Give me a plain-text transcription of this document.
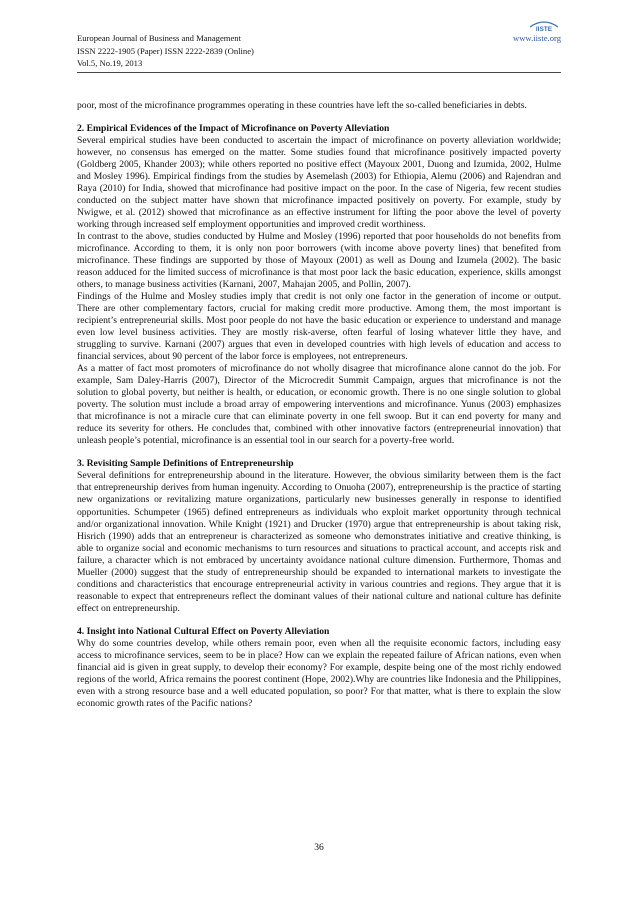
European Journal of Business and Management
ISSN 2222-1905 (Paper) ISSN 2222-2839 (Online)
Vol.5, No.19, 2013
www.iiste.org
IISTE

poor, most of the microfinance programmes operating in these countries have left the so-called beneficiaries in debts.

2. Empirical Evidences of the Impact of Microfinance on Poverty Alleviation

Several empirical studies have been conducted to ascertain the impact of microfinance on poverty alleviation worldwide; however, no consensus has emerged on the matter. Some studies found that microfinance positively impacted poverty (Goldberg 2005, Khander 2003); while others reported no positive effect (Mayoux 2001, Duong and Izumida, 2002, Hulme and Mosley 1996). Empirical findings from the studies by Asemelash (2003) for Ethiopia, Alemu (2006) and Rajendran and Raya (2010) for India, showed that microfinance had positive impact on the poor. In the case of Nigeria, few recent studies conducted on the subject matter have shown that microfinance impacted positively on poverty. For example, study by Nwigwe, et al. (2012) showed that microfinance as an effective instrument for lifting the poor above the level of poverty working through increased self employment opportunities and improved credit worthiness.

In contrast to the above, studies conducted by Hulme and Mosley (1996) reported that poor households do not benefits from microfinance. According to them, it is only non poor borrowers (with income above poverty lines) that benefited from microfinance. These findings are supported by those of Mayoux (2001) as well as Doung and Izumela (2002). The basic reason adduced for the limited success of microfinance is that most poor lack the basic education, experience, skills amongst others, to manage business activities (Karnani, 2007, Mahajan 2005, and Pollin, 2007).

Findings of the Hulme and Mosley studies imply that credit is not only one factor in the generation of income or output. There are other complementary factors, crucial for making credit more productive. Among them, the most important is recipient’s entrepreneurial skills. Most poor people do not have the basic education or experience to understand and manage even low level business activities. They are mostly risk-averse, often fearful of losing whatever little they have, and struggling to survive. Karnani (2007) argues that even in developed countries with high levels of education and access to financial services, about 90 percent of the labor force is employees, not entrepreneurs.

As a matter of fact most promoters of microfinance do not wholly disagree that microfinance alone cannot do the job. For example, Sam Daley-Harris (2007), Director of the Microcredit Summit Campaign, argues that microfinance is not the solution to global poverty, but neither is health, or education, or economic growth. There is no one single solution to global poverty. The solution must include a broad array of empowering interventions and microfinance. Yunus (2003) emphasizes that microfinance is not a miracle cure that can eliminate poverty in one fell swoop. But it can end poverty for many and reduce its severity for others. He concludes that, combined with other innovative factors (entrepreneurial innovation) that unleash people’s potential, microfinance is an essential tool in our search for a poverty-free world.

3. Revisiting Sample Definitions of Entrepreneurship

Several definitions for entrepreneurship abound in the literature. However, the obvious similarity between them is the fact that entrepreneurship derives from human ingenuity. According to Onuoha (2007), entrepreneurship is the practice of starting new organizations or revitalizing mature organizations, particularly new businesses generally in response to identified opportunities. Schumpeter (1965) defined entrepreneurs as individuals who exploit market opportunity through technical and/or organizational innovation. While Knight (1921) and Drucker (1970) argue that entrepreneurship is about taking risk, Hisrich (1990) adds that an entrepreneur is characterized as someone who demonstrates initiative and creative thinking, is able to organize social and economic mechanisms to turn resources and situations to practical account, and accepts risk and failure, a character which is not embraced by uncertainty avoidance national culture dimension. Furthermore, Thomas and Mueller (2000) suggest that the study of entrepreneurship should be expanded to international markets to investigate the conditions and characteristics that encourage entrepreneurial activity in various countries and regions. They argue that it is reasonable to expect that entrepreneurs reflect the dominant values of their national culture and national culture has definite effect on entrepreneurship.

4. Insight into National Cultural Effect on Poverty Alleviation

Why do some countries develop, while others remain poor, even when all the requisite economic factors, including easy access to microfinance services, seem to be in place? How can we explain the repeated failure of African nations, even when financial aid is given in great supply, to develop their economy? For example, despite being one of the most richly endowed regions of the world, Africa remains the poorest continent (Hope, 2002).Why are countries like Indonesia and the Philippines, even with a strong resource base and a well educated population, so poor? For that matter, what is there to explain the slow economic growth rates of the Pacific nations?

36
